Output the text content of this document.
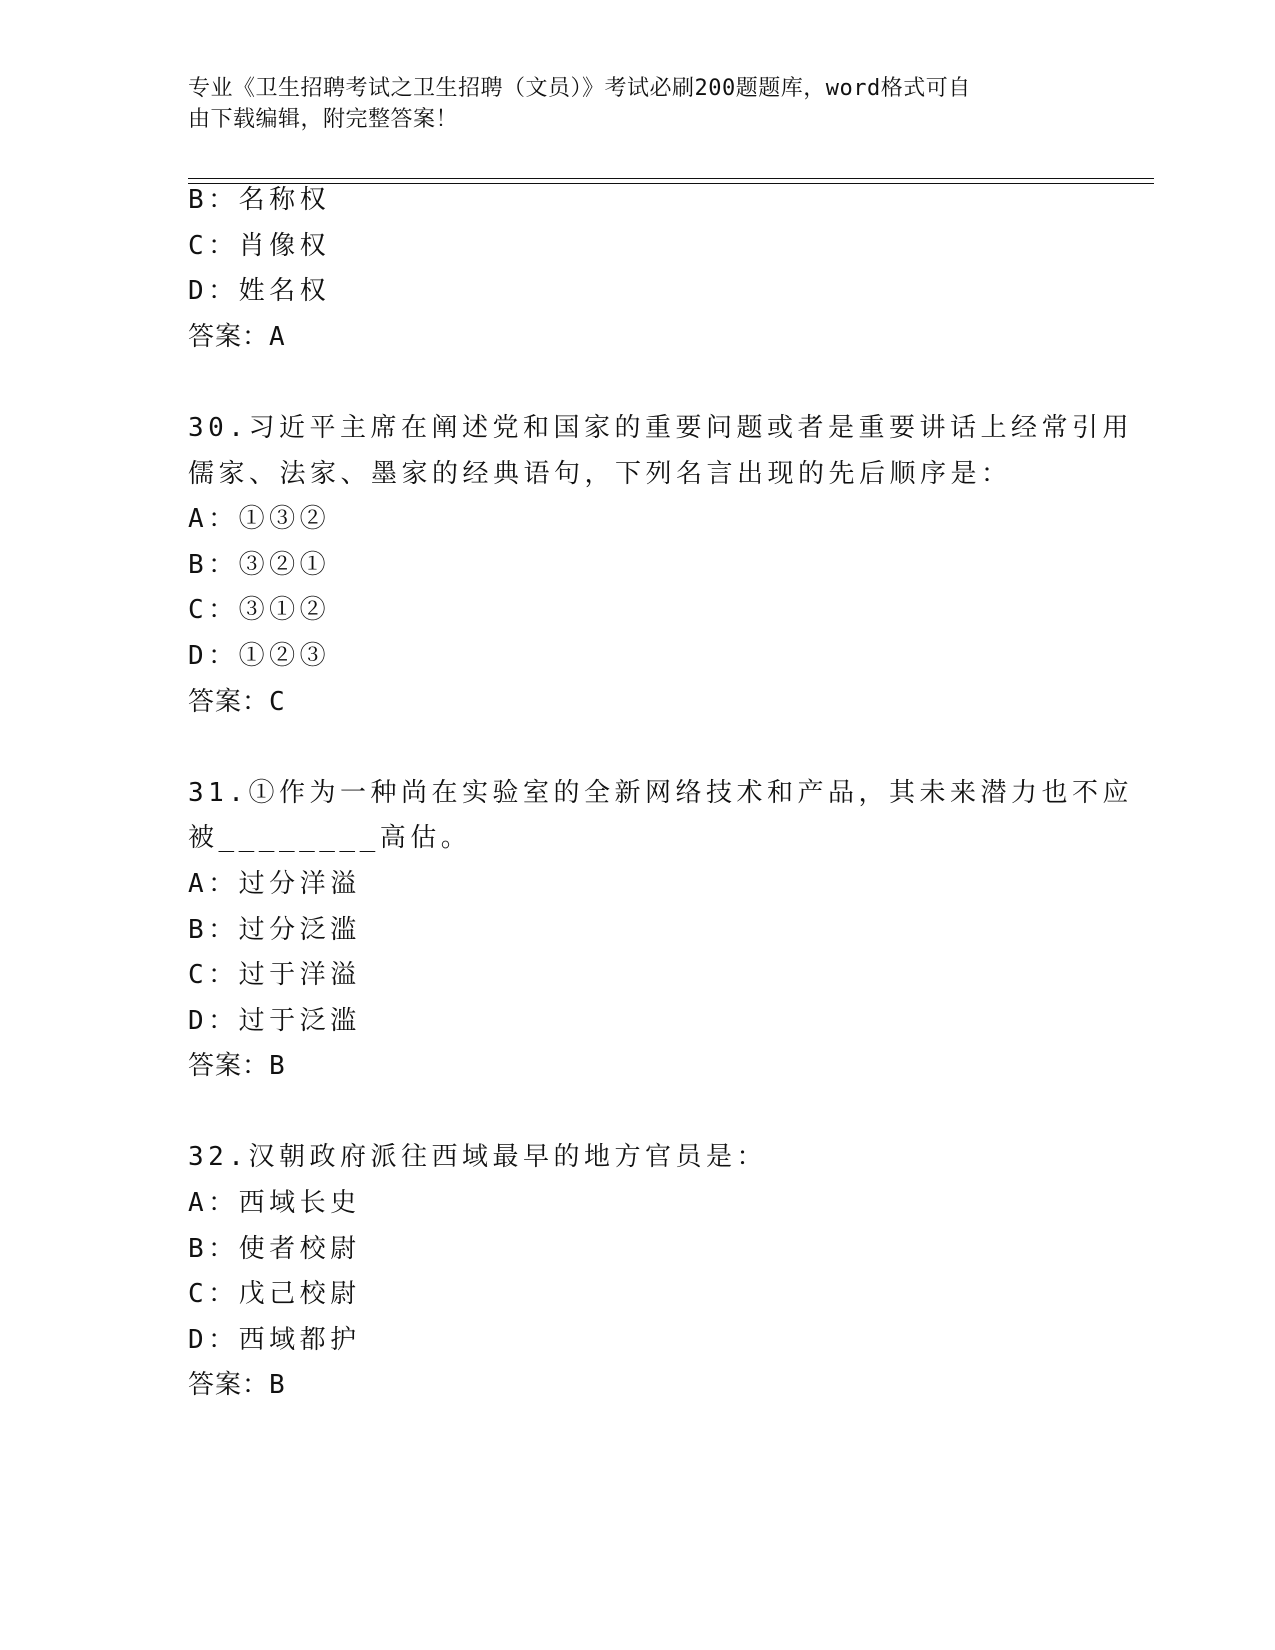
专业《卫生招聘考试之卫生招聘（文员）》考试必刷200题题库，word格式可自
由下载编辑，附完整答案！
B：名称权
C：肖像权
D：姓名权
答案：A
30.习近平主席在阐述党和国家的重要问题或者是重要讲话上经常引用
儒家、法家、墨家的经典语句，下列名言出现的先后顺序是：
A：①③②
B：③②①
C：③①②
D：①②③
答案：C
31.①作为一种尚在实验室的全新网络技术和产品，其未来潜力也不应
被________高估。
A：过分洋溢
B：过分泛滥
C：过于洋溢
D：过于泛滥
答案：B
32.汉朝政府派往西域最早的地方官员是：
A：西域长史
B：使者校尉
C：戊己校尉
D：西域都护
答案：B
